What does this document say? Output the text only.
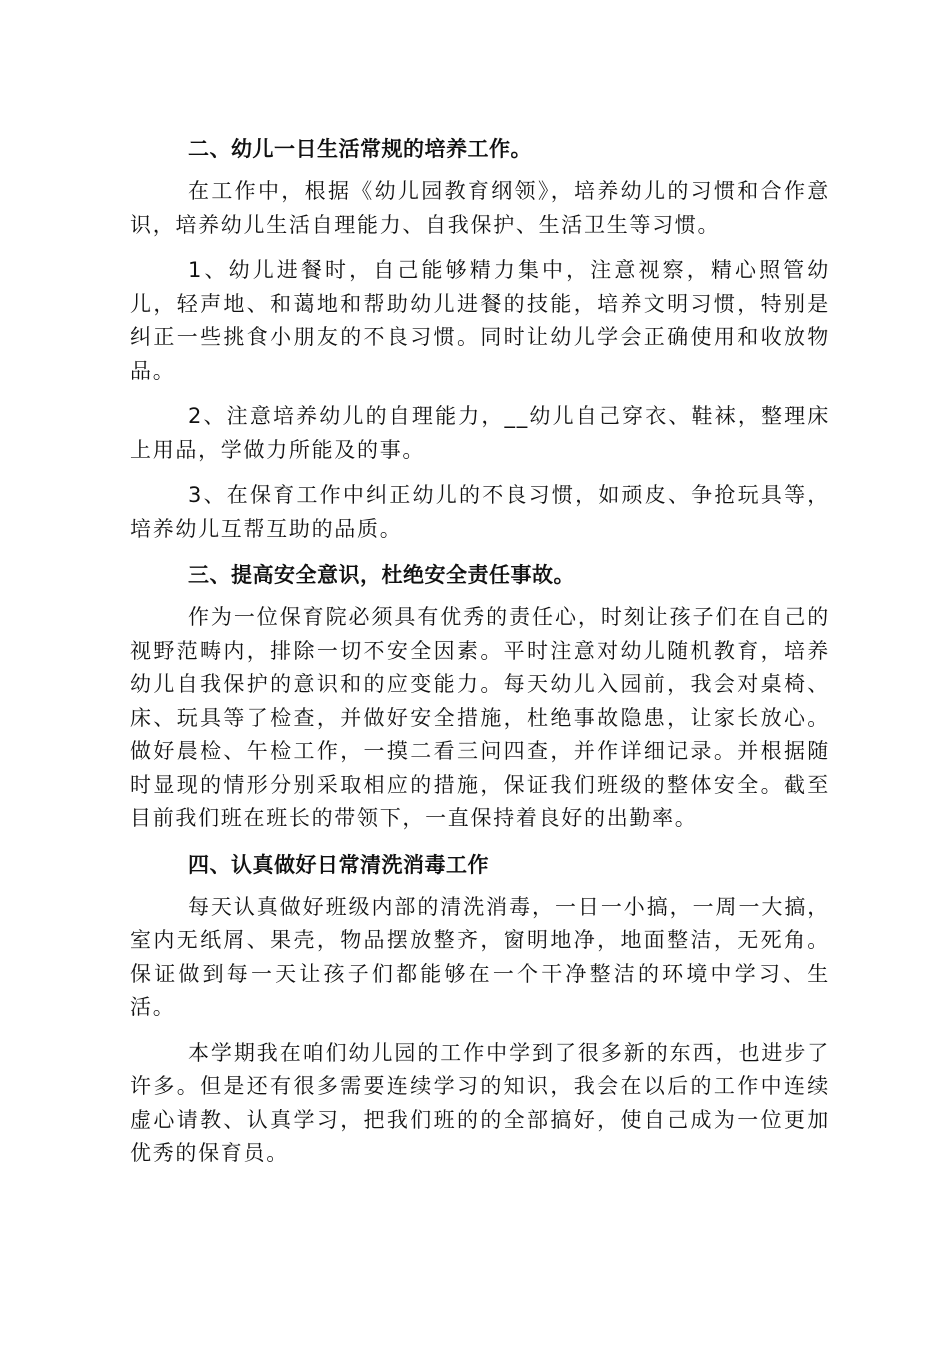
二、幼儿一日生活常规的培养工作。

在工作中，根据《幼儿园教育纲领》，培养幼儿的习惯和合作意识，培养幼儿生活自理能力、自我保护、生活卫生等习惯。

1、幼儿进餐时，自己能够精力集中，注意视察，精心照管幼儿，轻声地、和蔼地和帮助幼儿进餐的技能，培养文明习惯，特别是纠正一些挑食小朋友的不良习惯。同时让幼儿学会正确使用和收放物品。

2、注意培养幼儿的自理能力，__幼儿自己穿衣、鞋袜，整理床上用品，学做力所能及的事。

3、在保育工作中纠正幼儿的不良习惯，如顽皮、争抢玩具等，培养幼儿互帮互助的品质。

三、提高安全意识，杜绝安全责任事故。

作为一位保育院必须具有优秀的责任心，时刻让孩子们在自己的视野范畴内，排除一切不安全因素。平时注意对幼儿随机教育，培养幼儿自我保护的意识和的应变能力。每天幼儿入园前，我会对桌椅、床、玩具等了检查，并做好安全措施，杜绝事故隐患，让家长放心。做好晨检、午检工作，一摸二看三问四查，并作详细记录。并根据随时显现的情形分别采取相应的措施，保证我们班级的整体安全。截至目前我们班在班长的带领下，一直保持着良好的出勤率。

四、认真做好日常清洗消毒工作

每天认真做好班级内部的清洗消毒，一日一小搞，一周一大搞，室内无纸屑、果壳，物品摆放整齐，窗明地净，地面整洁，无死角。保证做到每一天让孩子们都能够在一个干净整洁的环境中学习、生活。

本学期我在咱们幼儿园的工作中学到了很多新的东西，也进步了许多。但是还有很多需要连续学习的知识，我会在以后的工作中连续虚心请教、认真学习，把我们班的的全部搞好，使自己成为一位更加优秀的保育员。
